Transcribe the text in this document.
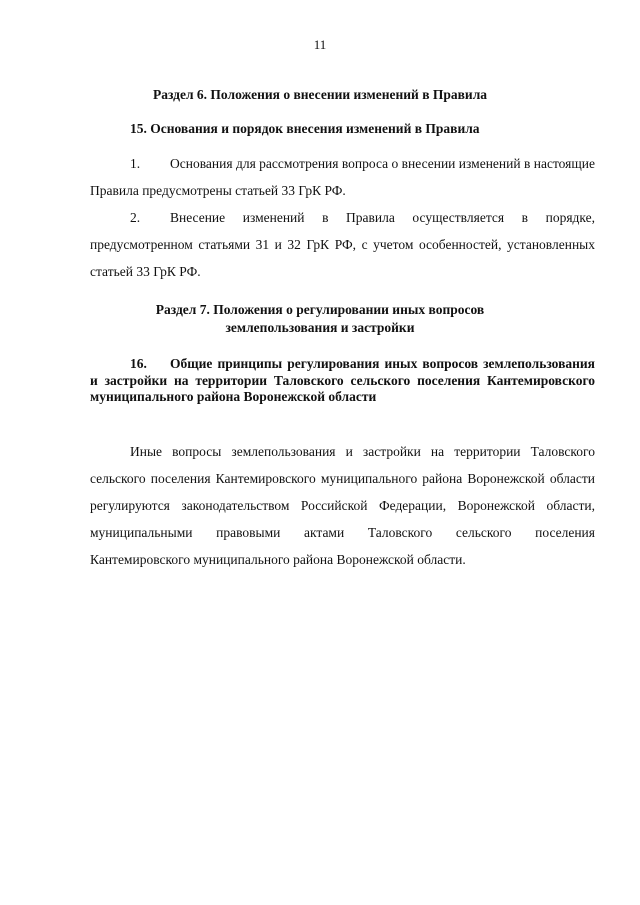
11
Раздел 6. Положения о внесении изменений в Правила
15. Основания и порядок внесения изменений в Правила
1. Основания для рассмотрения вопроса о внесении изменений в настоящие Правила предусмотрены статьей 33 ГрК РФ.
2. Внесение изменений в Правила осуществляется в порядке, предусмотренном статьями 31 и 32 ГрК РФ, с учетом особенностей, установленных статьей 33 ГрК РФ.
Раздел 7. Положения о регулировании иных вопросов
землепользования и застройки
16. Общие принципы регулирования иных вопросов землепользования и застройки на территории Таловского сельского поселения Кантемировского муниципального района Воронежской области
Иные вопросы землепользования и застройки на территории Таловского сельского поселения Кантемировского муниципального района Воронежской области регулируются законодательством Российской Федерации, Воронежской области, муниципальными правовыми актами Таловского сельского поселения Кантемировского муниципального района Воронежской области.
